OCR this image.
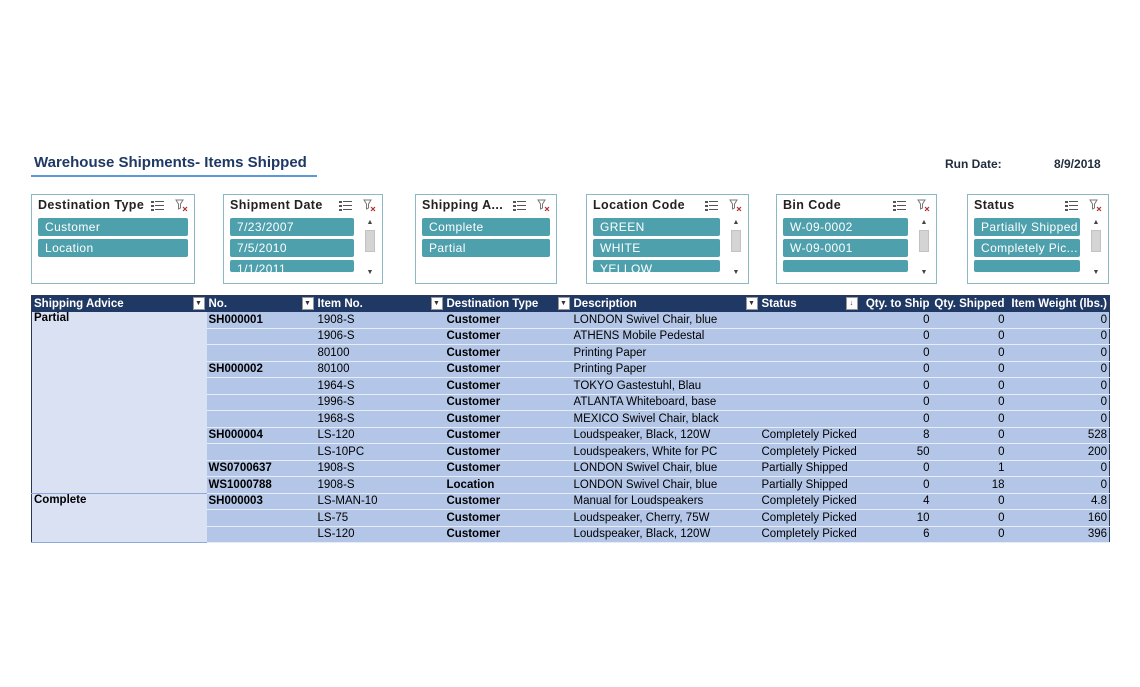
Warehouse Shipments- Items Shipped	Run Date:	8/9/2018
Destination Type
Customer
Location
Shipment Date
7/23/2007
7/5/2010
1/1/2011
▲
▼
Shipping A...
Complete
Partial
Location Code
GREEN
WHITE
YELLOW
▲
▼
Bin Code
W-09-0002
W-09-0001
▲
▼
Status
Partially Shipped
Completely Pic...
▲
▼
Shipping Advice ▼	No. ▼	Item No. ▼	Destination Type ▼	Description ▼	Status ↓	Qty. to Ship	Qty. Shipped	Item Weight (lbs.)
Partial	SH000001	1908-S	Customer	LONDON Swivel Chair, blue		0	0	0
		1906-S	Customer	ATHENS Mobile Pedestal		0	0	0
		80100	Customer	Printing Paper		0	0	0
	SH000002	80100	Customer	Printing Paper		0	0	0
		1964-S	Customer	TOKYO Gastestuhl, Blau		0	0	0
		1996-S	Customer	ATLANTA Whiteboard, base		0	0	0
		1968-S	Customer	MEXICO Swivel Chair, black		0	0	0
	SH000004	LS-120	Customer	Loudspeaker, Black, 120W	Completely Picked	8	0	528
		LS-10PC	Customer	Loudspeakers, White for PC	Completely Picked	50	0	200
	WS0700637	1908-S	Customer	LONDON Swivel Chair, blue	Partially Shipped	0	1	0
	WS1000788	1908-S	Location	LONDON Swivel Chair, blue	Partially Shipped	0	18	0
Complete	SH000003	LS-MAN-10	Customer	Manual for Loudspeakers	Completely Picked	4	0	4.8
		LS-75	Customer	Loudspeaker, Cherry, 75W	Completely Picked	10	0	160
		LS-120	Customer	Loudspeaker, Black, 120W	Completely Picked	6	0	396
